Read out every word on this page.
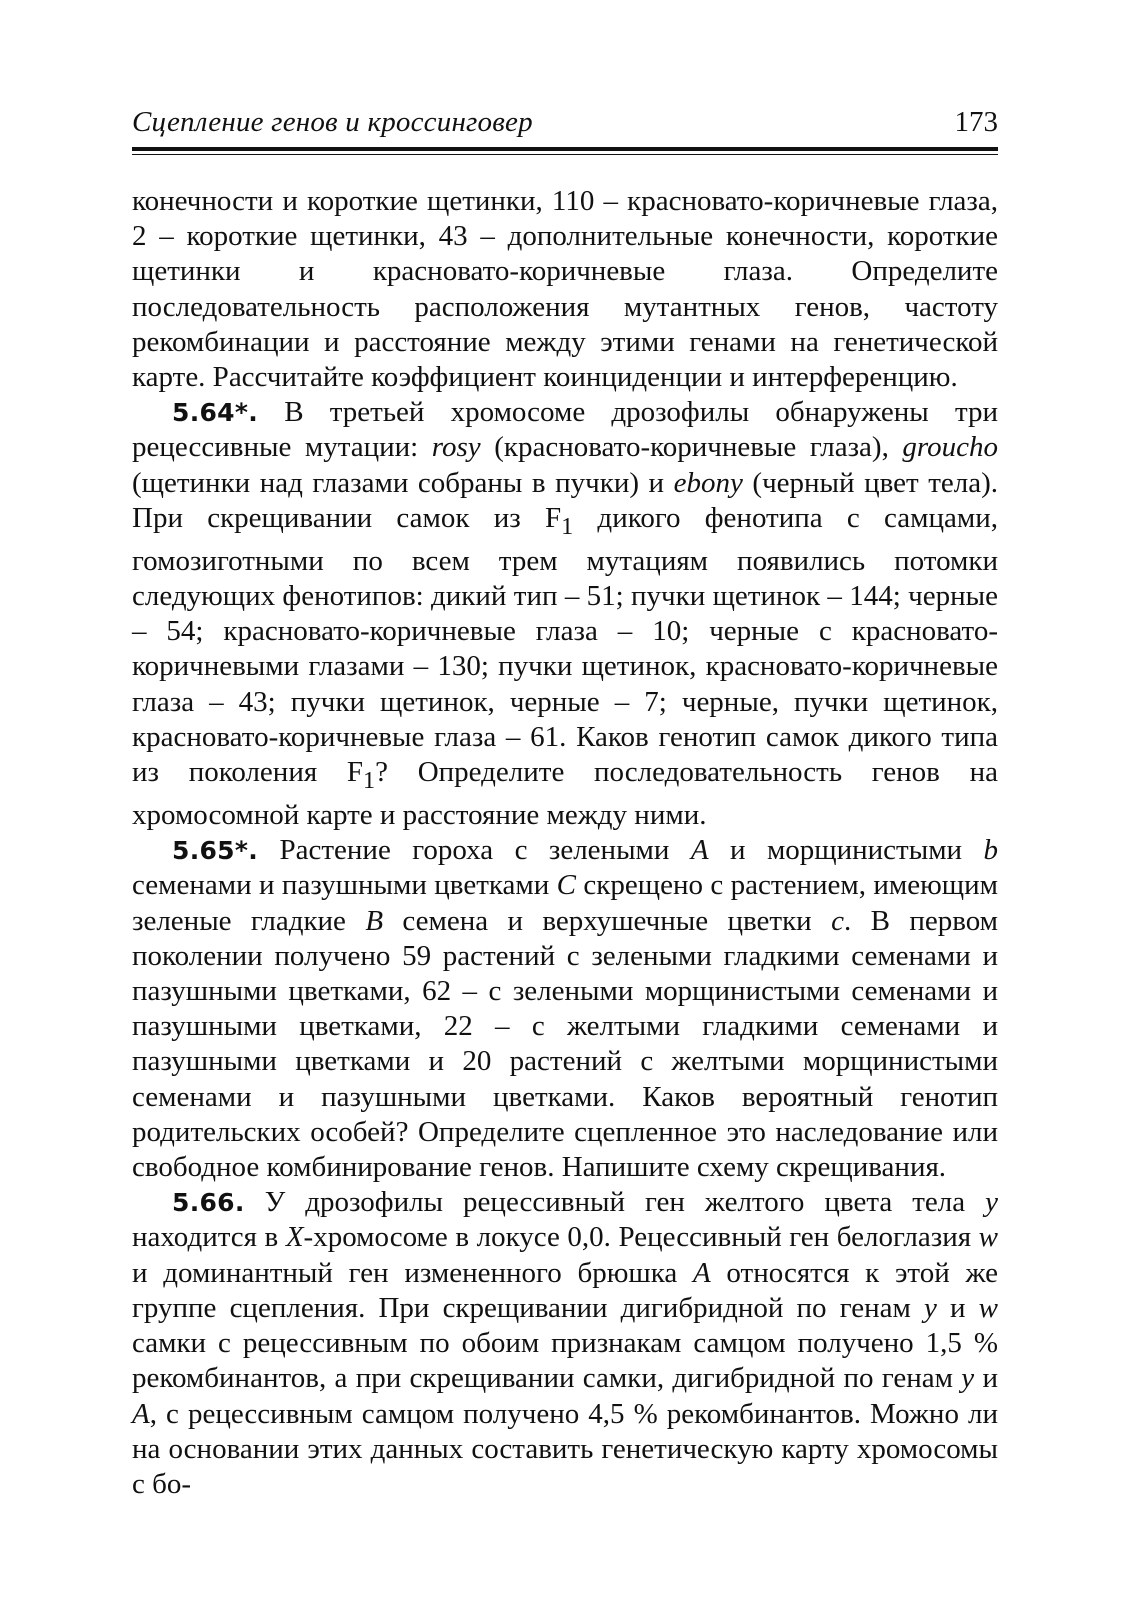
Сцепление генов и кроссинговер	173

конечности и короткие щетинки, 110 – красновато-коричневые глаза, 2 – короткие щетинки, 43 – дополнительные конечности, короткие щетинки и красновато-коричневые глаза. Определите последовательность расположения мутантных генов, частоту рекомбинации и расстояние между этими генами на генетической карте. Рассчитайте коэффициент коинциденции и интерференцию.

5.64*. В третьей хромосоме дрозофилы обнаружены три рецессивные мутации: rosy (красновато-коричневые глаза), groucho (щетинки над глазами собраны в пучки) и ebony (черный цвет тела). При скрещивании самок из $F_1$ дикого фенотипа с самцами, гомозиготными по всем трем мутациям появились потомки следующих фенотипов: дикий тип – 51; пучки щетинок – 144; черные – 54; красновато-коричневые глаза – 10; черные с красновато-коричневыми глазами – 130; пучки щетинок, красновато-коричневые глаза – 43; пучки щетинок, черные – 7; черные, пучки щетинок, красновато-коричневые глаза – 61. Каков генотип самок дикого типа из поколения $F_1$? Определите последовательность генов на хромосомной карте и расстояние между ними.

5.65*. Растение гороха с зелеными A и морщинистыми b семенами и пазушными цветками C скрещено с растением, имеющим зеленые гладкие B семена и верхушечные цветки c. В первом поколении получено 59 растений с зелеными гладкими семенами и пазушными цветками, 62 – с зелеными морщинистыми семенами и пазушными цветками, 22 – с желтыми гладкими семенами и пазушными цветками и 20 растений с желтыми морщинистыми семенами и пазушными цветками. Каков вероятный генотип родительских особей? Определите сцепленное это наследование или свободное комбинирование генов. Напишите схему скрещивания.

5.66. У дрозофилы рецессивный ген желтого цвета тела y находится в X-хромосоме в локусе 0,0. Рецессивный ген белоглазия w и доминантный ген измененного брюшка A относятся к этой же группе сцепления. При скрещивании дигибридной по генам y и w самки с рецессивным по обоим признакам самцом получено 1,5 % рекомбинантов, а при скрещивании самки, дигибридной по генам y и A, с рецессивным самцом получено 4,5 % рекомбинантов. Можно ли на основании этих данных составить генетическую карту хромосомы с бо-
